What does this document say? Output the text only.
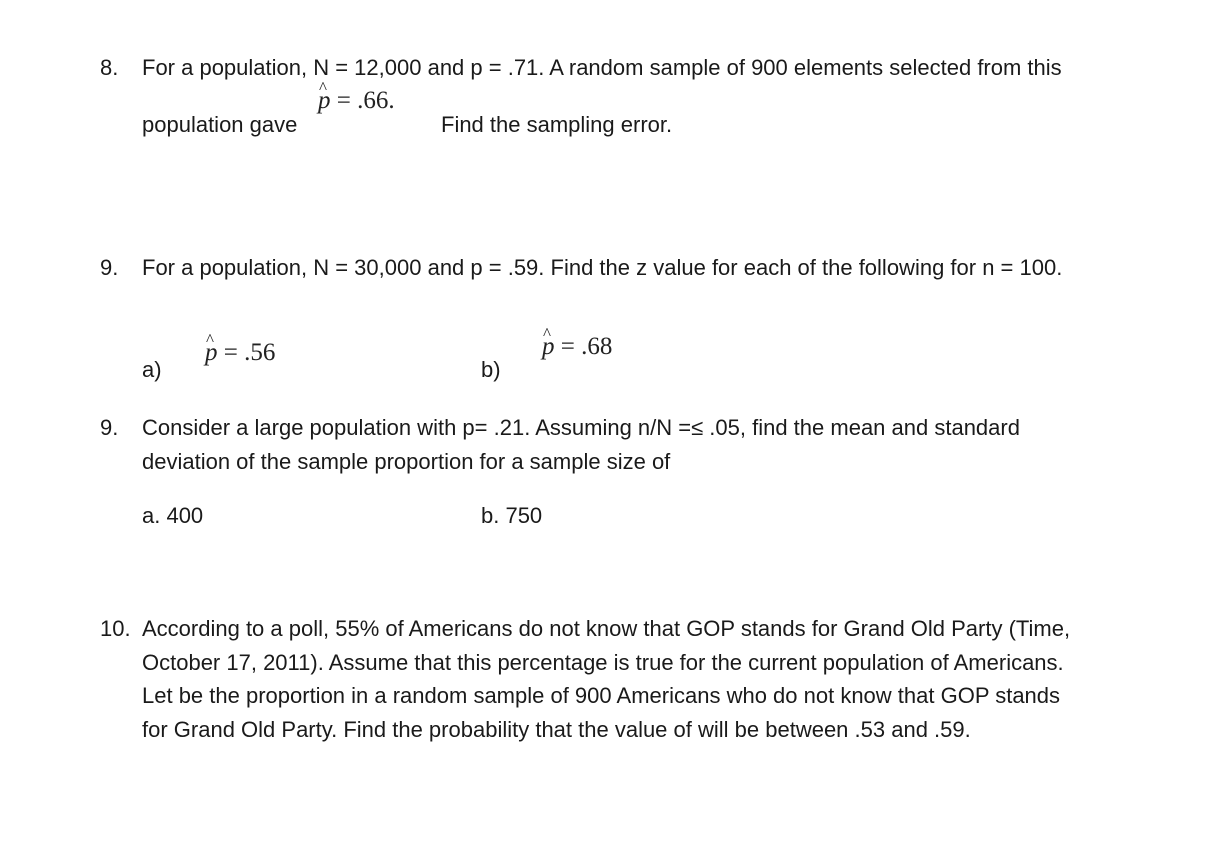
8. For a population, N = 12,000 and p = .71. A random sample of 900 elements selected from this
population gave
^ p = .66.
Find the sampling error.
9. For a population, N = 30,000 and p = .59. Find the z value for each of the following for n = 100.
a)
^ p = .56
b)
^ p = .68
9. Consider a large population with p= .21. Assuming n/N =≤ .05, find the mean and standard
deviation of the sample proportion for a sample size of
a. 400	b. 750
10. According to a poll, 55% of Americans do not know that GOP stands for Grand Old Party (Time,
October 17, 2011). Assume that this percentage is true for the current population of Americans.
Let be the proportion in a random sample of 900 Americans who do not know that GOP stands
for Grand Old Party. Find the probability that the value of will be between .53 and .59.
